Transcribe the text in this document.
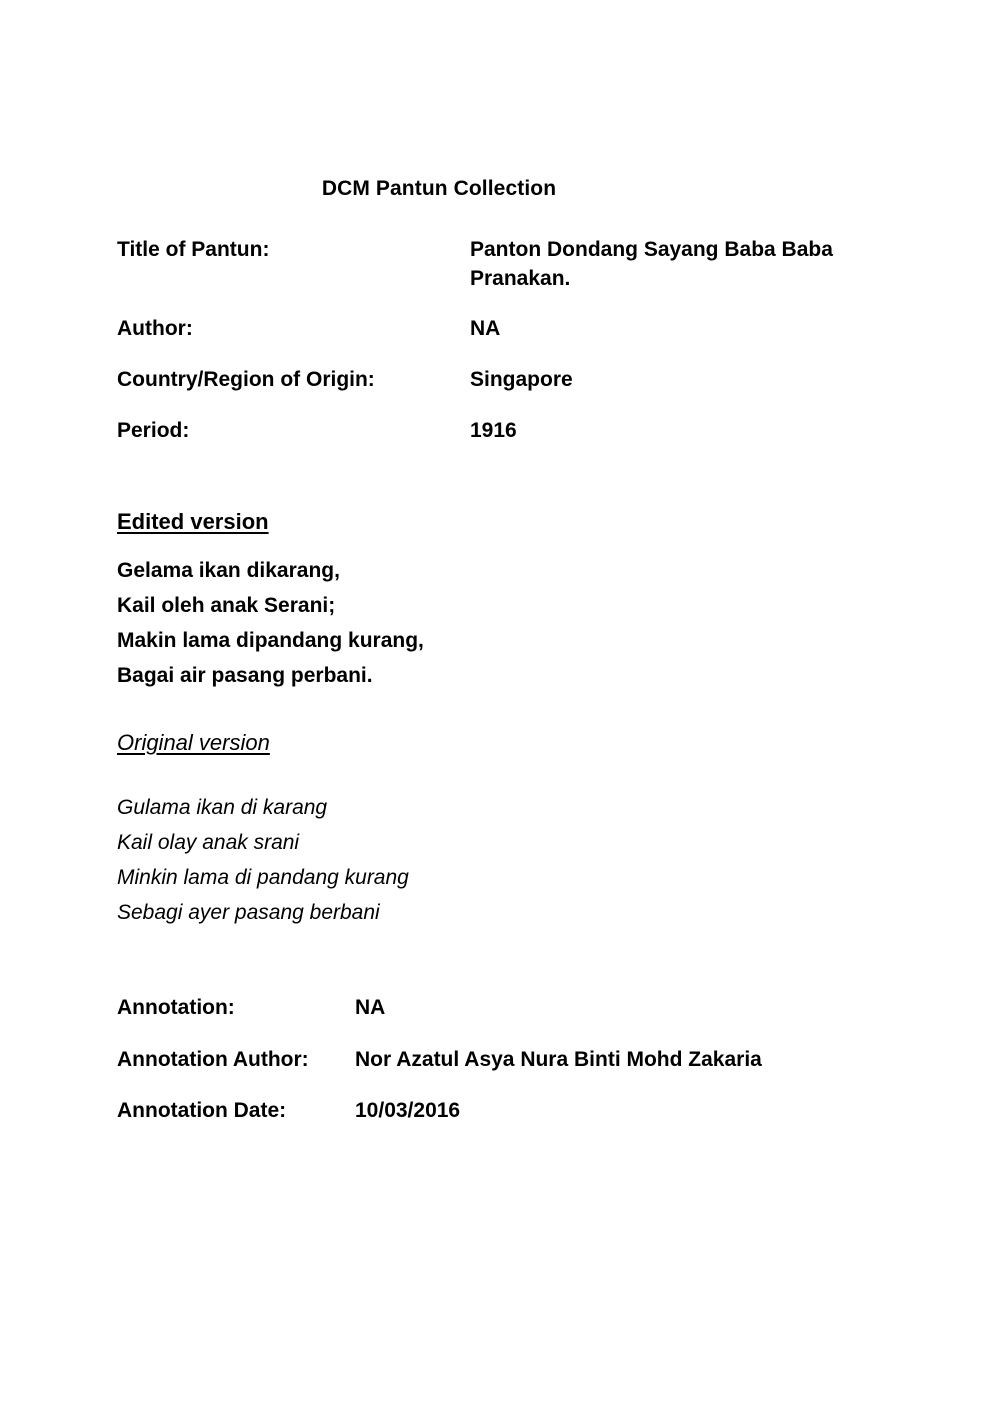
DCM Pantun Collection
Title of Pantun:	Panton Dondang Sayang Baba Baba Pranakan.
Author:	NA
Country/Region of Origin:	Singapore
Period:	1916
Edited version
Gelama ikan dikarang,
Kail oleh anak Serani;
Makin lama dipandang kurang,
Bagai air pasang perbani.
Original version
Gulama ikan di karang
Kail olay anak srani
Minkin lama di pandang kurang
Sebagi ayer pasang berbani
Annotation:	NA
Annotation Author:	Nor Azatul Asya Nura Binti Mohd Zakaria
Annotation Date:	10/03/2016
